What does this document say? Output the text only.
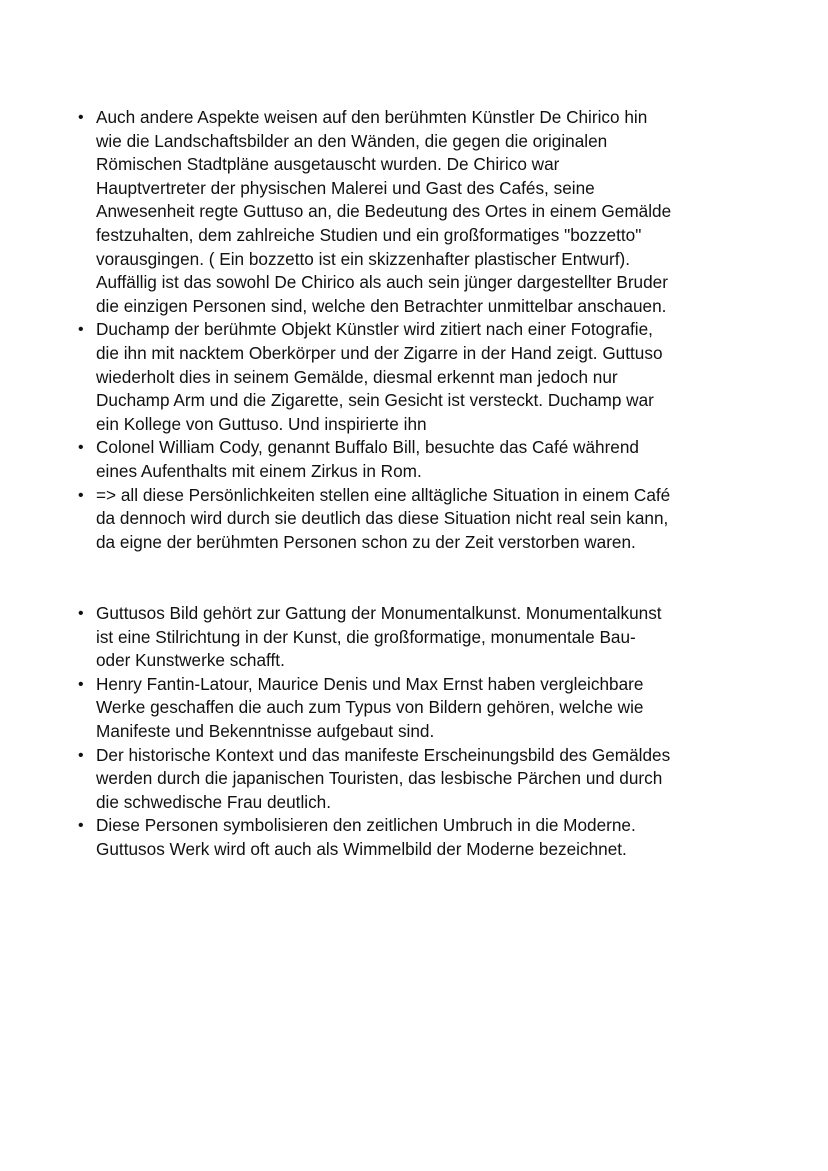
• Auch andere Aspekte weisen auf den berühmten Künstler De Chirico hin
wie die Landschaftsbilder an den Wänden, die gegen die originalen
Römischen Stadtpläne ausgetauscht wurden. De Chirico war
Hauptvertreter der physischen Malerei und Gast des Cafés, seine
Anwesenheit regte Guttuso an, die Bedeutung des Ortes in einem Gemälde
festzuhalten, dem zahlreiche Studien und ein großformatiges "bozzetto"
vorausgingen. ( Ein bozzetto ist ein skizzenhafter plastischer Entwurf).
Auffällig ist das sowohl De Chirico als auch sein jünger dargestellter Bruder
die einzigen Personen sind, welche den Betrachter unmittelbar anschauen.
• Duchamp der berühmte Objekt Künstler wird zitiert nach einer Fotografie,
die ihn mit nacktem Oberkörper und der Zigarre in der Hand zeigt. Guttuso
wiederholt dies in seinem Gemälde, diesmal erkennt man jedoch nur
Duchamp Arm und die Zigarette, sein Gesicht ist versteckt. Duchamp war
ein Kollege von Guttuso. Und inspirierte ihn
• Colonel William Cody, genannt Buffalo Bill, besuchte das Café während
eines Aufenthalts mit einem Zirkus in Rom.
• => all diese Persönlichkeiten stellen eine alltägliche Situation in einem Café
da dennoch wird durch sie deutlich das diese Situation nicht real sein kann,
da eigne der berühmten Personen schon zu der Zeit verstorben waren.
• Guttusos Bild gehört zur Gattung der Monumentalkunst. Monumentalkunst
ist eine Stilrichtung in der Kunst, die großformatige, monumentale Bau-
oder Kunstwerke schafft.
• Henry Fantin-Latour, Maurice Denis und Max Ernst haben vergleichbare
Werke geschaffen die auch zum Typus von Bildern gehören, welche wie
Manifeste und Bekenntnisse aufgebaut sind.
• Der historische Kontext und das manifeste Erscheinungsbild des Gemäldes
werden durch die japanischen Touristen, das lesbische Pärchen und durch
die schwedische Frau deutlich.
• Diese Personen symbolisieren den zeitlichen Umbruch in die Moderne.
Guttusos Werk wird oft auch als Wimmelbild der Moderne bezeichnet.
